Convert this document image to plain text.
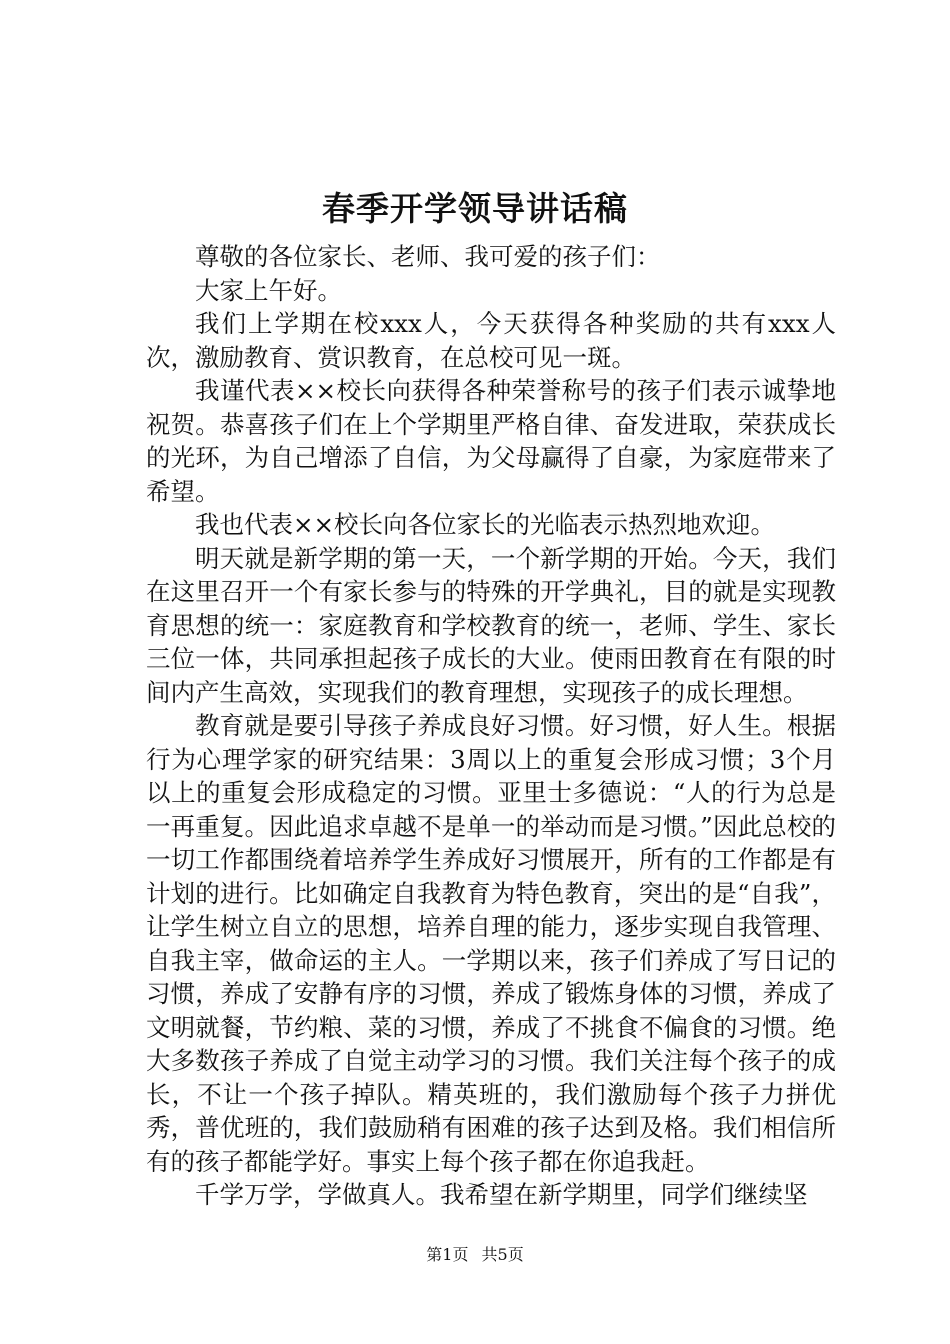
春季开学领导讲话稿

尊敬的各位家长、老师、我可爱的孩子们：

大家上午好。

我们上学期在校xxx人，今天获得各种奖励的共有xxx人次，激励教育、赏识教育，在总校可见一斑。

我谨代表××校长向获得各种荣誉称号的孩子们表示诚挚地祝贺。恭喜孩子们在上个学期里严格自律、奋发进取，荣获成长的光环，为自己增添了自信，为父母赢得了自豪，为家庭带来了希望。

我也代表××校长向各位家长的光临表示热烈地欢迎。

明天就是新学期的第一天，一个新学期的开始。今天，我们在这里召开一个有家长参与的特殊的开学典礼，目的就是实现教育思想的统一：家庭教育和学校教育的统一，老师、学生、家长三位一体，共同承担起孩子成长的大业。使雨田教育在有限的时间内产生高效，实现我们的教育理想，实现孩子的成长理想。

教育就是要引导孩子养成良好习惯。好习惯，好人生。根据行为心理学家的研究结果：3周以上的重复会形成习惯；3个月以上的重复会形成稳定的习惯。亚里士多德说：“人的行为总是一再重复。因此追求卓越不是单一的举动而是习惯。”因此总校的一切工作都围绕着培养学生养成好习惯展开，所有的工作都是有计划的进行。比如确定自我教育为特色教育，突出的是“自我”，让学生树立自立的思想，培养自理的能力，逐步实现自我管理、自我主宰，做命运的主人。一学期以来，孩子们养成了写日记的习惯，养成了安静有序的习惯，养成了锻炼身体的习惯，养成了文明就餐，节约粮、菜的习惯，养成了不挑食不偏食的习惯。绝大多数孩子养成了自觉主动学习的习惯。我们关注每个孩子的成长，不让一个孩子掉队。精英班的，我们激励每个孩子力拼优秀，普优班的，我们鼓励稍有困难的孩子达到及格。我们相信所有的孩子都能学好。事实上每个孩子都在你追我赶。

千学万学，学做真人。我希望在新学期里，同学们继续坚

第1页 共5页
